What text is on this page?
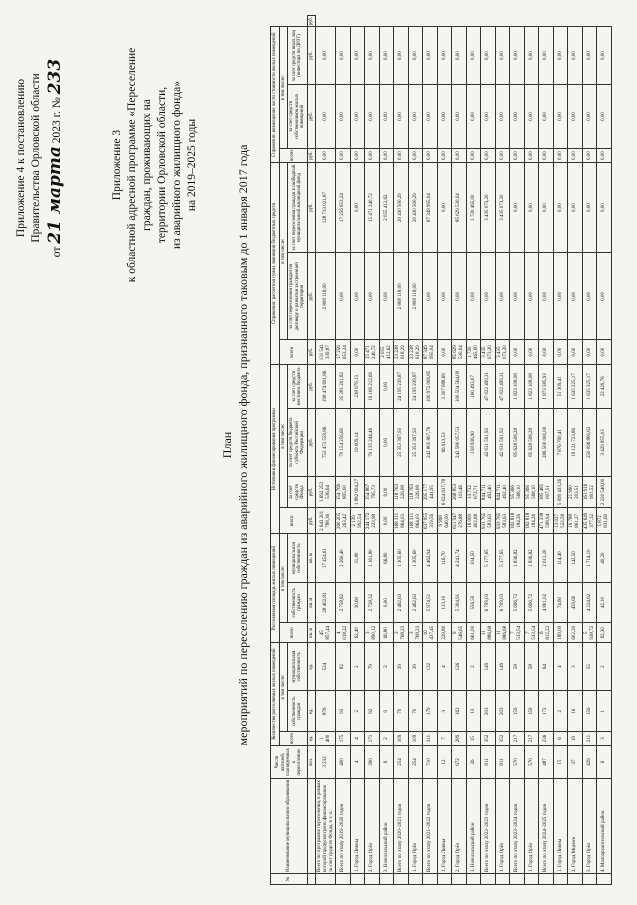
Приложение 4 к постановлению Правительства Орловской области
от 21 марта 2023 г. № 233
Приложение 3 к областной адресной программе «Переселение граждан, проживающих на территории Орловской области, из аварийного жилищного фонда» на 2019–2025 годы
План мероприятий по переселению граждан из аварийного жилищного фонда, признанного таковым до 1 января 2017 года
№	Наименование муниципального образования	Число жителей, планируемых к переселению	Количество расселяемых жилых помещений			Расселяемая площадь жилых помещений			Источники финансирования программы				Справочно: расчетная сумма экономии бюджетных средств			Справочно: возмещение части стоимости жилых помещений			
			всего	в том числе:		всего	в том числе:		всего	в том числе:			всего	в том числе:		всего	в том числе:		
				собственность граждан	муниципальная собственность		собственность граждан	муниципальная собственность		за счет средств Фонда	за счет средств бюджета субъекта Российской Федерации	за счет средств местного бюджета		за счет переселения граждан по договору о развитии застроенной территории	за счет переселения граждан в свободный муниципальный жилищный фонд		за счет средств собственников жилых помещений	за счет средств иных лиц (инвестора по ДРЗТ)	
		чел.	ед.	ед.	ед.	кв. м	кв. м	кв. м	руб.	руб.	руб.	руб.	руб.	руб.	руб.	руб.	руб.	руб.	руб.
	Всего по программе переселения, в рамках которой предусмотрено финансирование за счет средств Фонда, в т. ч.:	3 232	1 400	876	524	45 857,44	28 402,83	17 454,61	2 643 201 788,36	1 692 253 536,64	752 473 559,86	198 474 691,86	131 541 339,87	2 808 118,00	128 733 021,87	0,00	0,00	0,00	
	Всего по этапу 2019–2020 годов	400	175	93	82	4 018,22	2 758,82	1 260,40	260 205 263,42	154 769 805,00	70 154 256,60	35 281 201,82	17 256 653,24	0,00	17 256 653,24	0,00	0,00	0,00	
	1. Город Ливны	4	4	2	2	62,40	30,60	31,80	2 139 992,54	1 882 004,27	19 009,14	238 979,13	0,00	0,00	0,00	0,00	0,00	0,00	
	2. Город Орёл	390	171	92	79	3 890,12	2 728,32	1 161,80	244 172 223,98	154 867 795,73	70 135 244,46	19 169 212,69	15 471 240,72	0,00	15 471 240,72	0,00	0,00	0,00	
	3. Новосильский район	6	2	0	2	66,80	0,00	66,80	0,00	0,00	0,00	0,00	2 055 412,62	0,00	2 055 412,62	0,00	0,00	0,00	
	Всего по этапу 2020–2021 годов	254	109	70	39	3 768,23	2 462,63	1 305,60	168 311 864,03	118 763 226,08	25 353 397,50	24 195 239,87	23 238 618,29	2 808 118,00	20 430 500,29	0,00	0,00	0,00	
	1. Город Орёл	254	109	70	39	3 768,23	2 462,63	1 305,60	168 311 864,03	118 763 226,08	25 353 397,50	24 195 239,87	23 238 618,29	2 808 118,00	20 430 500,29	0,00	0,00	0,00	
	Всего по этапу 2021–2022 годов	710	311	179	132	10 437,45	5 974,51	4 462,94	637 955 319,56	295 177 441,95	242 805 807,76	100 972 069,85	87 349 995,04	0,00	87 349 995,04	0,00	0,00	0,00	
	1. Город Ливны	12	7	3	4	229,80	113,10	116,70	9 998 640,00	6 024 637,78	66 913,53	3 307 088,69	0,00	0,00	0,00	0,00	0,00	0,00	
	2. Город Орёл	672	289	163	126	9 546,65	5 304,91	4 241,74	611 947 276,88	268 853 103,46	242 580 057,53	100 504 564,09	85 629 530,04	0,00	85 629 530,04	0,00	0,00	0,00	
	3. Новосильский район	26	15	13	2	661,00	556,50	104,50	16 009 402,68	13 732 672,71	158 836,90	160 493,07	1 720 465,00	0,00	1 720 465,00	0,00	0,00	0,00	
	Всего по этапу 2022–2023 годов	811	352	203	149	11 886,68	6 709,03	5 177,65	933 765 583,63	844 711 492,40	42 031 591,92	47 022 499,31	3 435 073,20	0,00	3 435 073,20	0,00	0,00	0,00	
	1. Город Орёл	811	352	203	149	11 886,68	6 709,03	5 177,65	933 765 583,63	844 711 492,40	42 031 591,92	47 022 499,31	3 435 073,20	0,00	3 435 073,20	0,00	0,00	0,00	
	Всего по этапу 2023–2024 годов	570	217	159	58	7 533,54	5 696,72	1 836,82	182 818 184,26	95 366 568,10	85 628 508,28	1 823 108,08	0,00	0,00	0,00	0,00	0,00	0,00	
	1. Город Орёл	570	217	159	58	7 533,54	5 696,72	1 836,82	182 818 184,26	95 366 568,10	85 628 508,28	1 823 108,08	0,00	0,00	0,00	0,00	0,00	0,00	
	Всего по этапу 2024–2025 годов	487	236	172	64	6 812,22	4 801,02	2 011,20	471 338 598,94	185 485 007,51	286 500 000,00	1 873 585,93	0,00	0,00	0,00	0,00	0,00	0,00	
	1. Город Ливны	15	6	2	4	189,00	74,60	114,40	13 027 522,58	5 099 433,26	7 876 760,41	51 309,41	0,00	0,00	0,00	0,00	0,00	0,00	
	2. Город Мценск	37	19	16	3	602,20	459,60	142,50	19 788 861,27	21 990 203,51	19 121 723,86	1 635 225,17	0,00	0,00	0,00	0,00	0,00	0,00	
	3. Город Орёл	429	211	156	55	5 938,72	4 224,62	1 714,10	435 649 377,32	161 916 991,52	250 096 860,63	1 635 325,17	0,00	0,00	0,00	0,00	0,00	0,00	
	4. Малоархангельский район	6	3	1	2	82,30	42,10	40,20	5 872 831,69	2 220 546,00	3 429 855,03	23 429,76	0,00	0,00	0,00	0,00	0,00	0,00	
